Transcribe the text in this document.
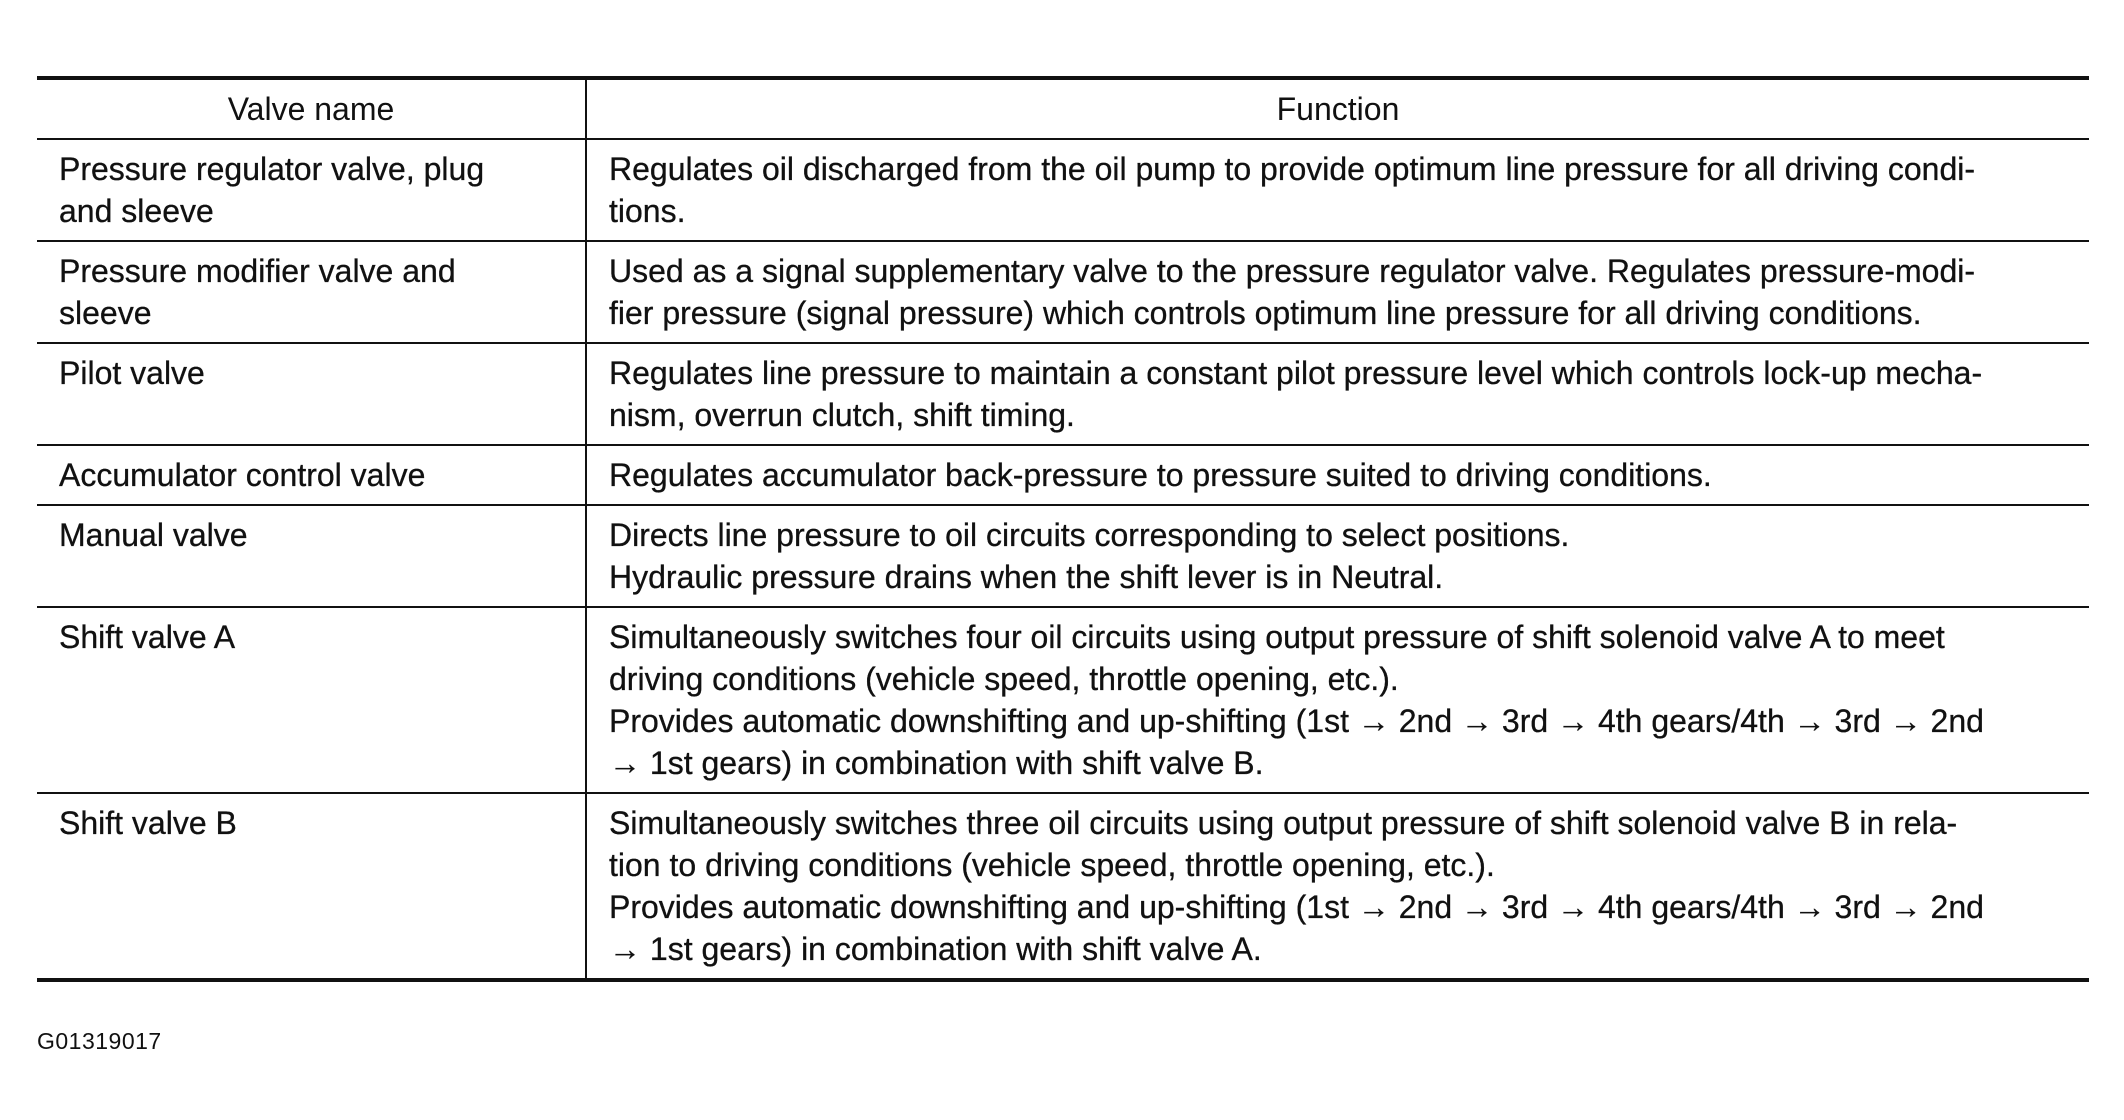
Valve name	Function

Pressure regulator valve, plug
and sleeve	Regulates oil discharged from the oil pump to provide optimum line pressure for all driving condi-
tions.

Pressure modifier valve and
sleeve	Used as a signal supplementary valve to the pressure regulator valve. Regulates pressure-modi-
fier pressure (signal pressure) which controls optimum line pressure for all driving conditions.

Pilot valve	Regulates line pressure to maintain a constant pilot pressure level which controls lock-up mecha-
nism, overrun clutch, shift timing.

Accumulator control valve	Regulates accumulator back-pressure to pressure suited to driving conditions.

Manual valve	Directs line pressure to oil circuits corresponding to select positions.
Hydraulic pressure drains when the shift lever is in Neutral.

Shift valve A	Simultaneously switches four oil circuits using output pressure of shift solenoid valve A to meet
driving conditions (vehicle speed, throttle opening, etc.).
Provides automatic downshifting and up-shifting (1st → 2nd → 3rd → 4th gears/4th → 3rd → 2nd
→ 1st gears) in combination with shift valve B.

Shift valve B	Simultaneously switches three oil circuits using output pressure of shift solenoid valve B in rela-
tion to driving conditions (vehicle speed, throttle opening, etc.).
Provides automatic downshifting and up-shifting (1st → 2nd → 3rd → 4th gears/4th → 3rd → 2nd
→ 1st gears) in combination with shift valve A.
G01319017
